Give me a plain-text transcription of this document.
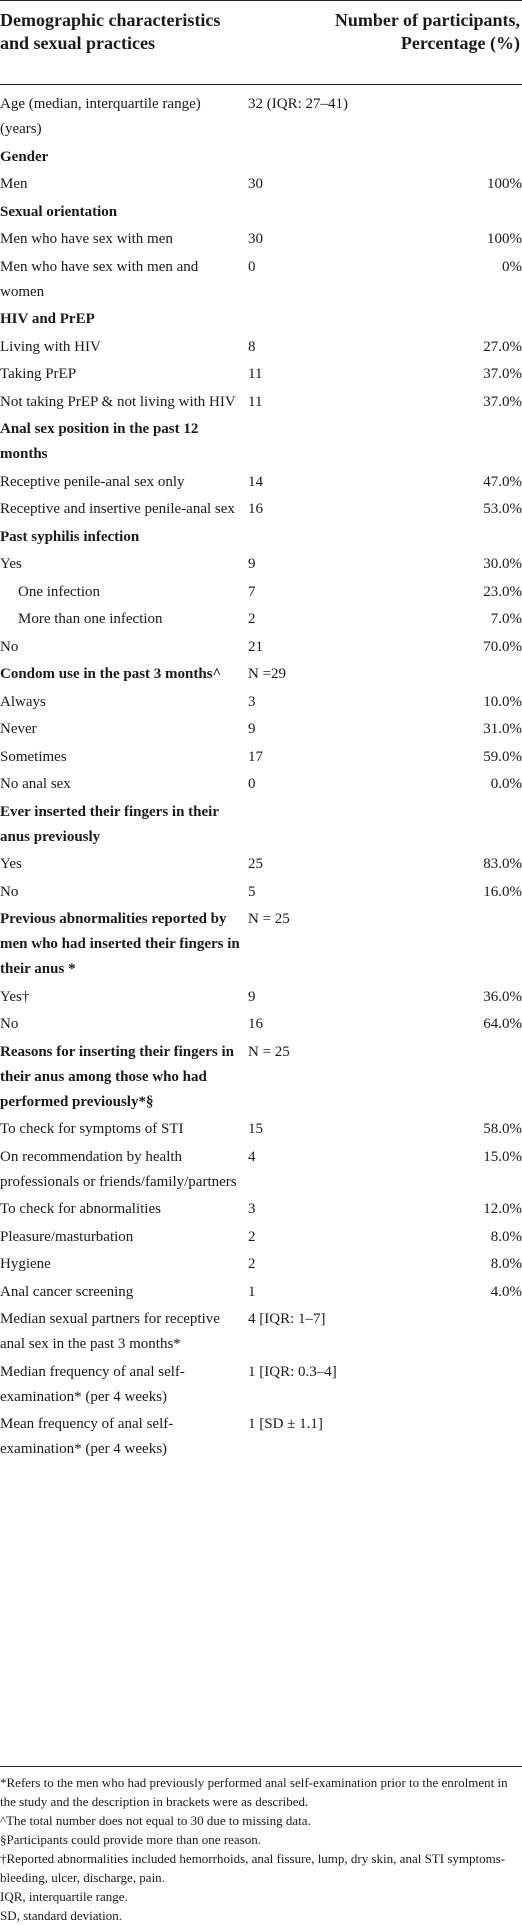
Demographic characteristics and sexual practices
Number of participants, Percentage (%)
Age (median, interquartile range) (years)	32 (IQR: 27–41)	
Gender		
Men	30	100%
Sexual orientation		
Men who have sex with men	30	100%
Men who have sex with men and women	0	0%
HIV and PrEP		
Living with HIV	8	27.0%
Taking PrEP	11	37.0%
Not taking PrEP & not living with HIV	11	37.0%
Anal sex position in the past 12 months		
Receptive penile-anal sex only	14	47.0%
Receptive and insertive penile-anal sex	16	53.0%
Past syphilis infection		
Yes	9	30.0%
One infection	7	23.0%
More than one infection	2	7.0%
No	21	70.0%
Condom use in the past 3 months^	N =29	
Always	3	10.0%
Never	9	31.0%
Sometimes	17	59.0%
No anal sex	0	0.0%
Ever inserted their fingers in their anus previously		
Yes	25	83.0%
No	5	16.0%
Previous abnormalities reported by men who had inserted their fingers in their anus *	N = 25	
Yes†	9	36.0%
No	16	64.0%
Reasons for inserting their fingers in their anus among those who had performed previously*§	N = 25	
To check for symptoms of STI	15	58.0%
On recommendation by health professionals or friends/family/partners	4	15.0%
To check for abnormalities	3	12.0%
Pleasure/masturbation	2	8.0%
Hygiene	2	8.0%
Anal cancer screening	1	4.0%
Median sexual partners for receptive anal sex in the past 3 months*	4 [IQR: 1–7]	
Median frequency of anal self-examination* (per 4 weeks)	1 [IQR: 0.3–4]	
Mean frequency of anal self-examination* (per 4 weeks)	1 [SD ± 1.1]	

*Refers to the men who had previously performed anal self-examination prior to the enrolment in the study and the description in brackets were as described.

^The total number does not equal to 30 due to missing data.

§Participants could provide more than one reason.

†Reported abnormalities included hemorrhoids, anal fissure, lump, dry skin, anal STI symptoms- bleeding, ulcer, discharge, pain.

IQR, interquartile range.

SD, standard deviation.
